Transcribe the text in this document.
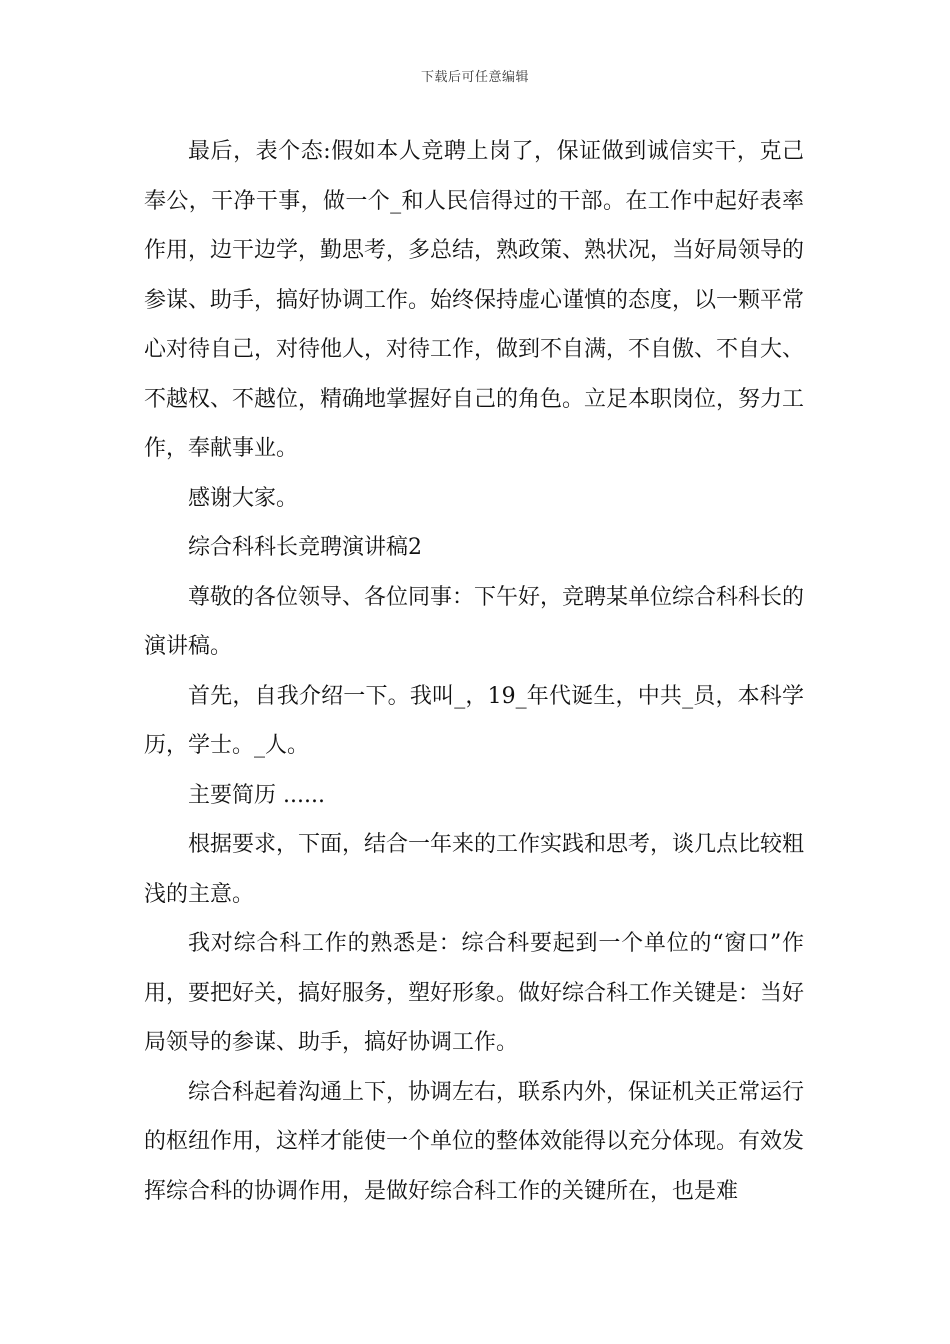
下载后可任意编辑

最后，表个态:假如本人竞聘上岗了，保证做到诚信实干，克己奉公，干净干事，做一个_和人民信得过的干部。在工作中起好表率作用，边干边学，勤思考，多总结，熟政策、熟状况，当好局领导的参谋、助手，搞好协调工作。始终保持虚心谨慎的态度，以一颗平常心对待自己，对待他人，对待工作，做到不自满，不自傲、不自大、不越权、不越位，精确地掌握好自己的角色。立足本职岗位，努力工作，奉献事业。

感谢大家。

综合科科长竞聘演讲稿2

尊敬的各位领导、各位同事：下午好，竞聘某单位综合科科长的演讲稿。

首先，自我介绍一下。我叫_，19_年代诞生，中共_员，本科学历，学士。_人。

主要简历 ......

根据要求，下面，结合一年来的工作实践和思考，谈几点比较粗浅的主意。

我对综合科工作的熟悉是：综合科要起到一个单位的“窗口”作用，要把好关，搞好服务，塑好形象。做好综合科工作关键是：当好局领导的参谋、助手，搞好协调工作。

综合科起着沟通上下，协调左右，联系内外，保证机关正常运行的枢纽作用，这样才能使一个单位的整体效能得以充分体现。有效发挥综合科的协调作用，是做好综合科工作的关键所在，也是难
